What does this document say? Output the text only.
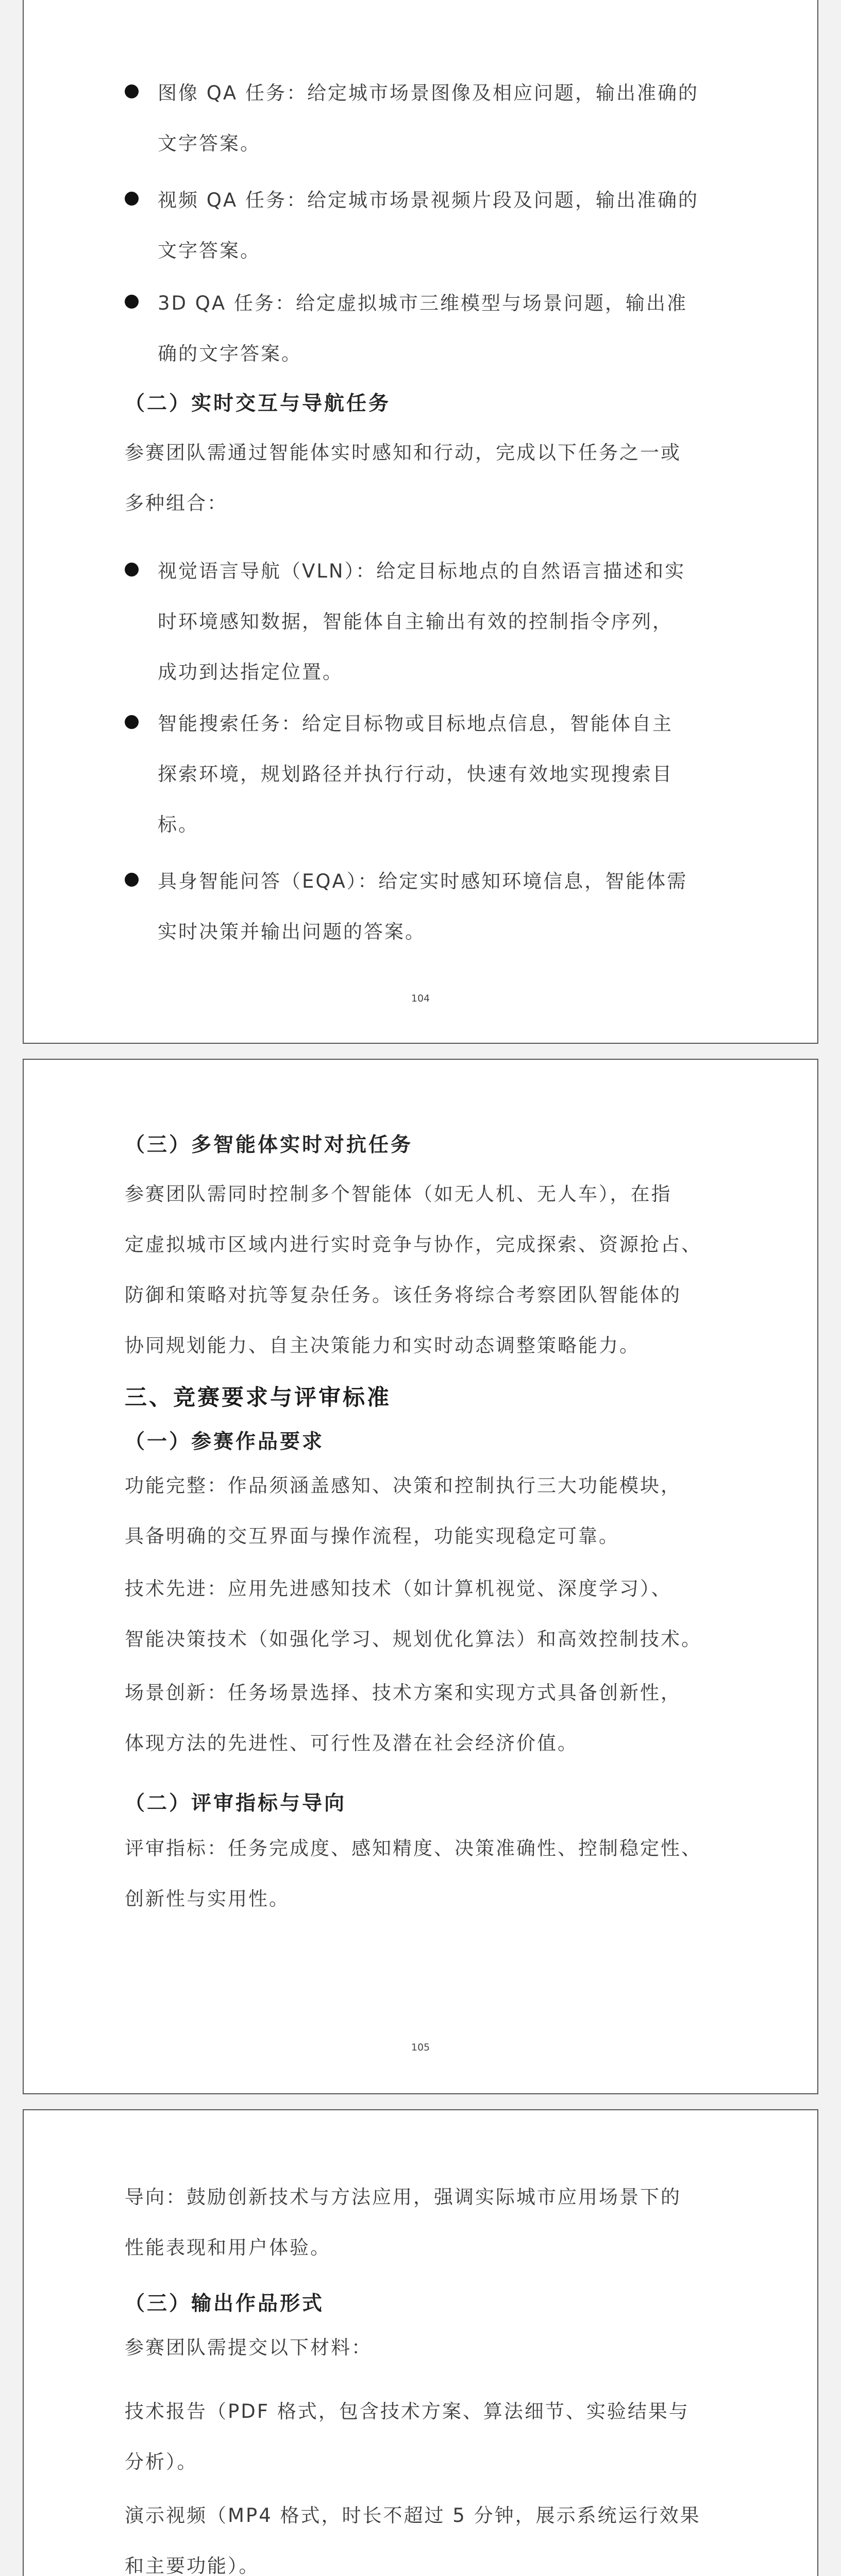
图像 QA 任务：给定城市场景图像及相应问题，输出准确的
文字答案。
视频 QA 任务：给定城市场景视频片段及问题，输出准确的
文字答案。
3D QA 任务：给定虚拟城市三维模型与场景问题，输出准
确的文字答案。
（二）实时交互与导航任务
参赛团队需通过智能体实时感知和行动，完成以下任务之一或
多种组合：
视觉语言导航（VLN）：给定目标地点的自然语言描述和实
时环境感知数据，智能体自主输出有效的控制指令序列，
成功到达指定位置。
智能搜索任务：给定目标物或目标地点信息，智能体自主
探索环境，规划路径并执行行动，快速有效地实现搜索目
标。
具身智能问答（EQA）：给定实时感知环境信息，智能体需
实时决策并输出问题的答案。
104
（三）多智能体实时对抗任务
参赛团队需同时控制多个智能体（如无人机、无人车），在指
定虚拟城市区域内进行实时竞争与协作，完成探索、资源抢占、
防御和策略对抗等复杂任务。该任务将综合考察团队智能体的
协同规划能力、自主决策能力和实时动态调整策略能力。
三、竞赛要求与评审标准
（一）参赛作品要求
功能完整：作品须涵盖感知、决策和控制执行三大功能模块，
具备明确的交互界面与操作流程，功能实现稳定可靠。
技术先进：应用先进感知技术（如计算机视觉、深度学习）、
智能决策技术（如强化学习、规划优化算法）和高效控制技术。
场景创新：任务场景选择、技术方案和实现方式具备创新性，
体现方法的先进性、可行性及潜在社会经济价值。
（二）评审指标与导向
评审指标：任务完成度、感知精度、决策准确性、控制稳定性、
创新性与实用性。
105
导向：鼓励创新技术与方法应用，强调实际城市应用场景下的
性能表现和用户体验。
（三）输出作品形式
参赛团队需提交以下材料：
技术报告（PDF 格式，包含技术方案、算法细节、实验结果与
分析）。
演示视频（MP4 格式，时长不超过 5 分钟，展示系统运行效果
和主要功能）。
